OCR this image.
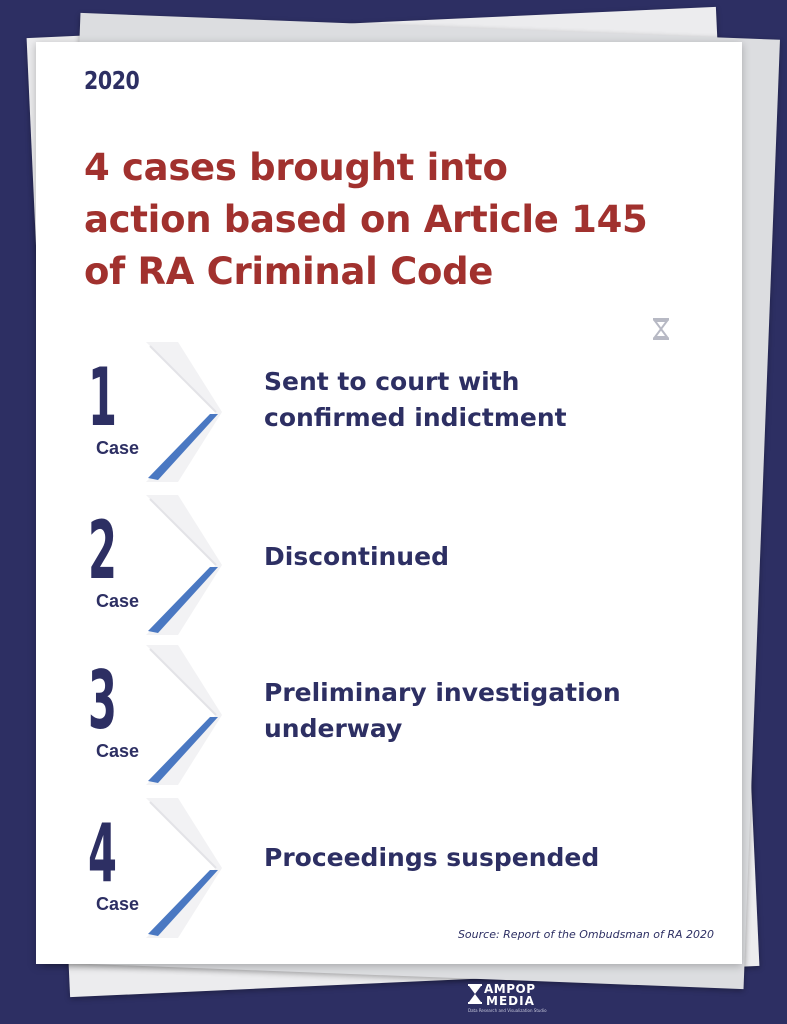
2020
4 cases brought into
action based on Article 145
of RA Criminal Code
1
Case
Sent to court with
confirmed indictment
2
Case
Discontinued
3
Case
Preliminary investigation
underway
4
Case
Proceedings suspended
Source: Report of the Ombudsman of RA 2020
AMPOP
MEDIA
Data Research and Visualization Studio
